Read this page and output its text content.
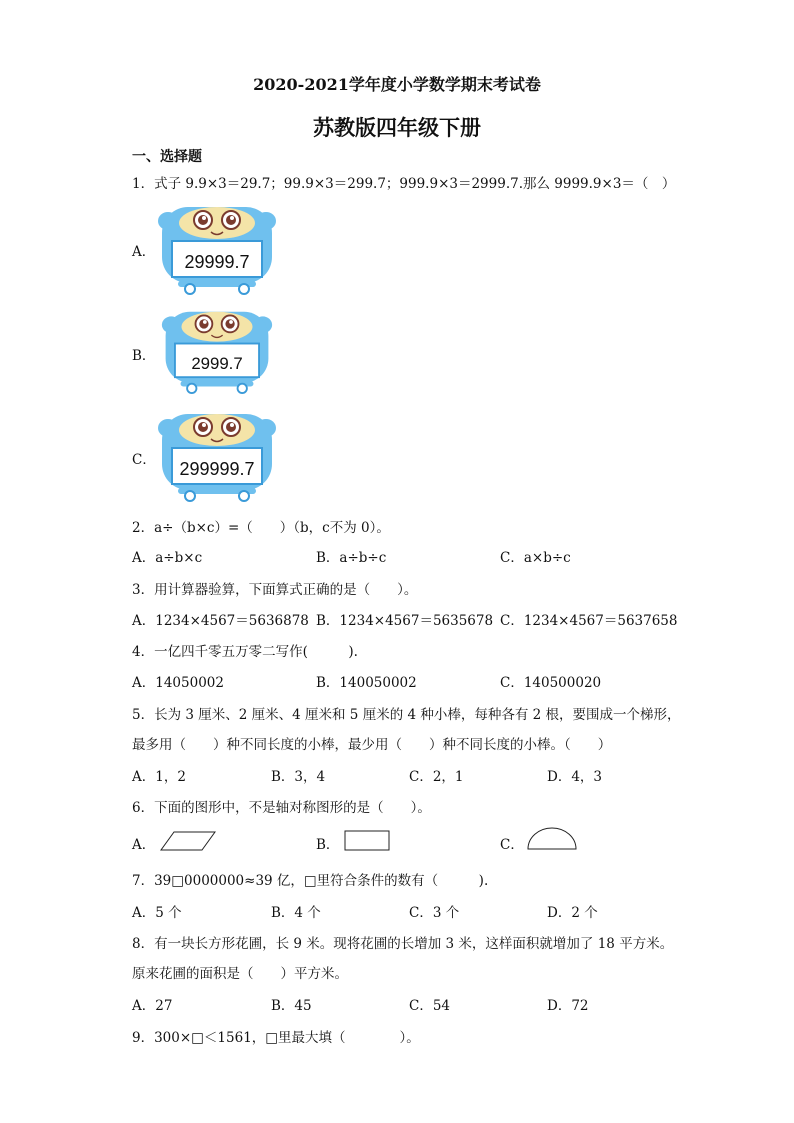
2020-2021学年度小学数学期末考试卷
苏教版四年级下册
一、选择题
1．式子 9.9×3＝29.7；99.9×3＝299.7；999.9×3＝2999.7.那么 9999.9×3＝（　）
A． 29999.7
B． 2999.7
C． 299999.7
2．a÷（b×c）=（　　）（b，c不为 0）。
A．a÷b×c	B．a÷b÷c	C．a×b÷c
3．用计算器验算，下面算式正确的是（　　）。
A．1234×4567＝5636878 B．1234×4567＝5635678 C．1234×4567＝5637658
4．一亿四千零五万零二写作(　　　).
A．14050002	B．140050002	C．140500020
5．长为 3 厘米、2 厘米、4 厘米和 5 厘米的 4 种小棒，每种各有 2 根，要围成一个梯形，
最多用（　　）种不同长度的小棒，最少用（　　）种不同长度的小棒。（　　）
A．1，2	B．3，4	C．2，1	D．4，3
6．下面的图形中，不是轴对称图形的是（　　）。
A．	B．	C．
7．39□0000000≈39 亿，□里符合条件的数有（　　　).
A．5 个	B．4 个	C．3 个	D．2 个
8．有一块长方形花圃，长 9 米。现将花圃的长增加 3 米，这样面积就增加了 18 平方米。
原来花圃的面积是（　　）平方米。
A．27	B．45	C．54	D．72
9．300×□＜1561，□里最大填（　　　　）。
